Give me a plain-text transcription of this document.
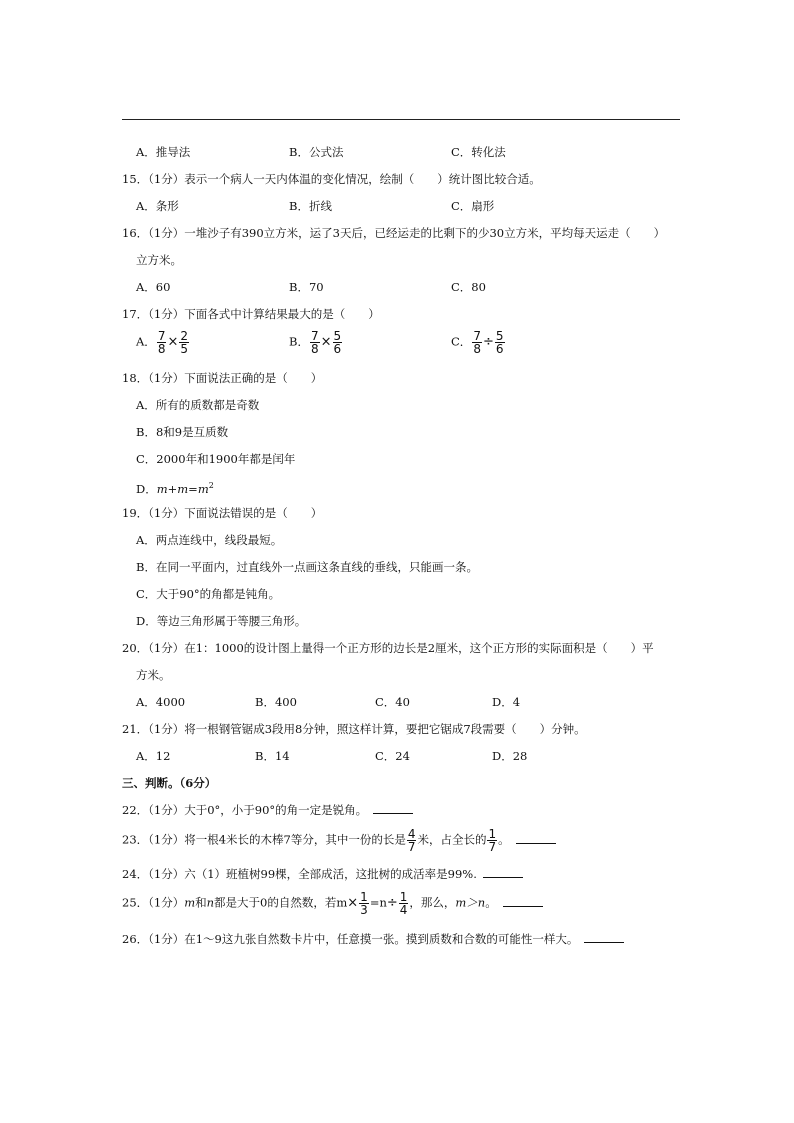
A．推导法	B．公式法	C．转化法
15．（1分）表示一个病人一天内体温的变化情况，绘制（　　）统计图比较合适。
A．条形	B．折线	C．扇形
16．（1分）一堆沙子有390立方米，运了3天后，已经运走的比剩下的少30立方米，平均每天运走（　　）
立方米。
A．60	B．70	C．80
17．（1分）下面各式中计算结果最大的是（　　）
A． $\frac{7}{8} \times \frac{2}{5}$	B． $\frac{7}{8} \times \frac{5}{6}$	C． $\frac{7}{8} \div \frac{5}{6}$
18．（1分）下面说法正确的是（　　）
A．所有的质数都是奇数
B．8和9是互质数
C．2000年和1900年都是闰年
D．$m+m=m^2$
19．（1分）下面说法错误的是（　　）
A．两点连线中，线段最短。
B．在同一平面内，过直线外一点画这条直线的垂线，只能画一条。
C．大于90°的角都是钝角。
D．等边三角形属于等腰三角形。
20．（1分）在1：1000的设计图上量得一个正方形的边长是2厘米，这个正方形的实际面积是（　　）平
方米。
A．4000	B．400	C．40	D．4
21．（1分）将一根钢管锯成3段用8分钟，照这样计算，要把它锯成7段需要（　　）分钟。
A．12	B．14	C．24	D．28
三、判断。（6分）
22．（1分）大于0°，小于90°的角一定是锐角。
23．（1分）将一根4米长的木棒7等分，其中一份的长是 $\frac{4}{7}$ 米，占全长的 $\frac{1}{7}$ 。
24．（1分）六（1）班植树99棵，全部成活，这批树的成活率是99%.
25．（1分）m和n都是大于0的自然数，若$m\times \frac{1}{3} =n\div \frac{1}{4}$ ，那么，m＞n。
26．（1分）在1～9这九张自然数卡片中，任意摸一张。摸到质数和合数的可能性一样大。
